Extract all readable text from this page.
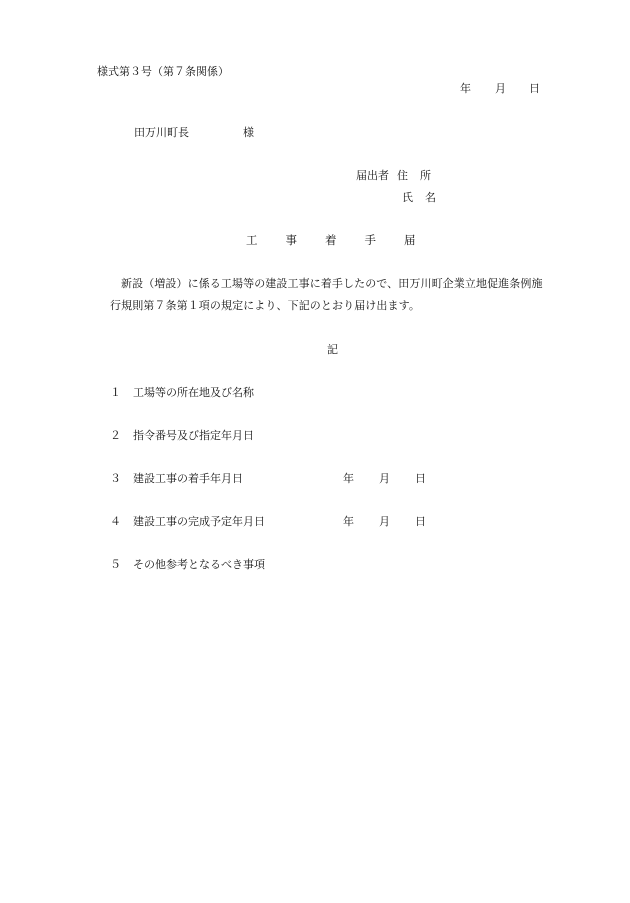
様式第３号（第７条関係）
年 月 日
田万川町長	様
届出者 住 所
氏 名
工 事 着 手 届
新設（増設）に係る工場等の建設工事に着手したので、田万川町企業立地促進条例施
行規則第７条第１項の規定により、下記のとおり届け出ます。
記
１ 工場等の所在地及び名称
２ 指令番号及び指定年月日
３ 建設工事の着手年月日	年 月 日
４ 建設工事の完成予定年月日	年 月 日
５ その他参考となるべき事項
